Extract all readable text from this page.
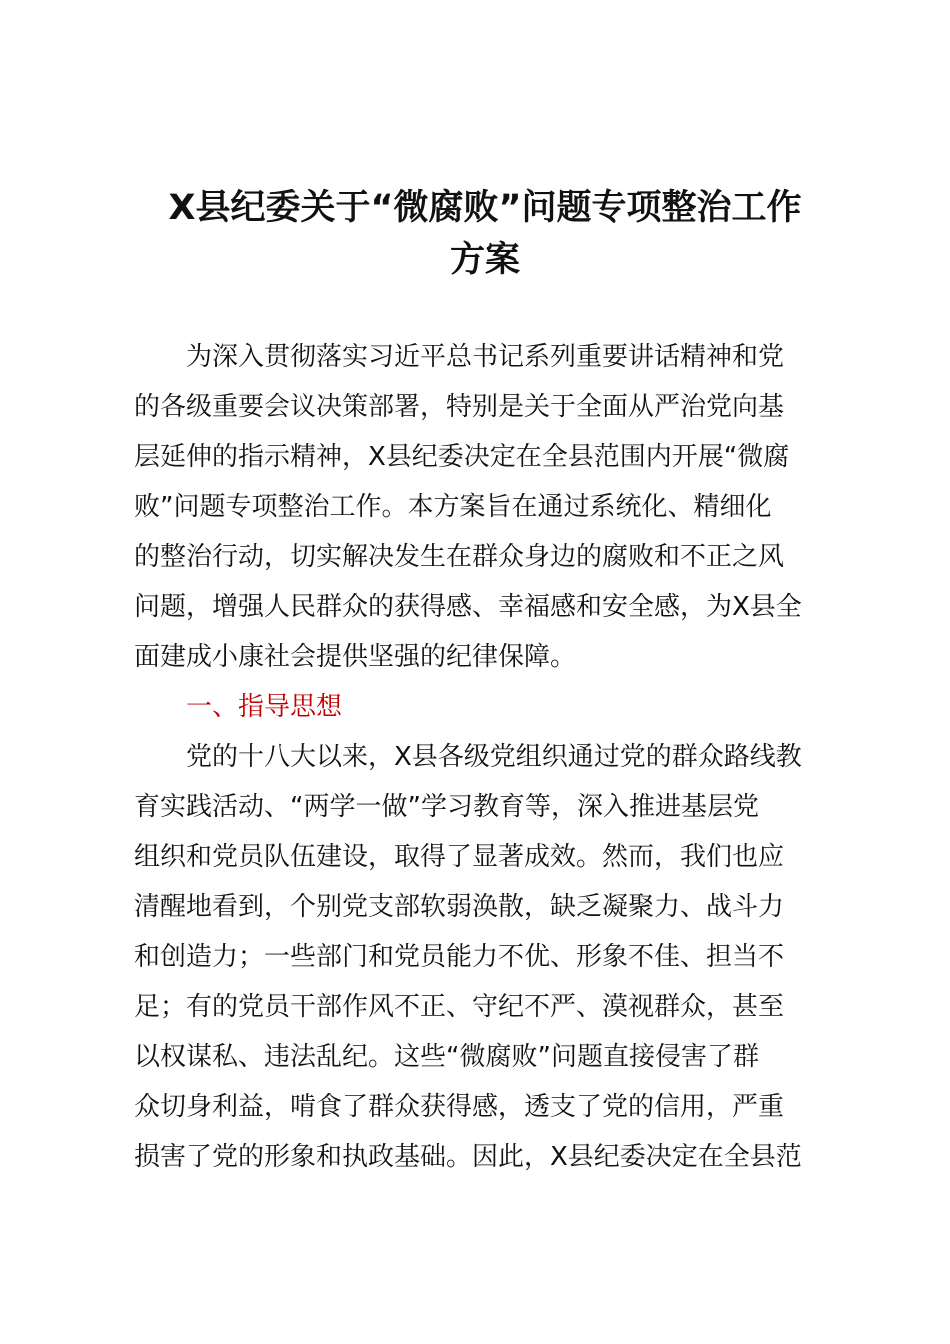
X县纪委关于“微腐败”问题专项整治工作
方案
为深入贯彻落实习近平总书记系列重要讲话精神和党
的各级重要会议决策部署，特别是关于全面从严治党向基
层延伸的指示精神，X县纪委决定在全县范围内开展“微腐
败”问题专项整治工作。本方案旨在通过系统化、精细化
的整治行动，切实解决发生在群众身边的腐败和不正之风
问题，增强人民群众的获得感、幸福感和安全感，为X县全
面建成小康社会提供坚强的纪律保障。
一、指导思想
党的十八大以来，X县各级党组织通过党的群众路线教
育实践活动、“两学一做”学习教育等，深入推进基层党
组织和党员队伍建设，取得了显著成效。然而，我们也应
清醒地看到，个别党支部软弱涣散，缺乏凝聚力、战斗力
和创造力；一些部门和党员能力不优、形象不佳、担当不
足；有的党员干部作风不正、守纪不严、漠视群众，甚至
以权谋私、违法乱纪。这些“微腐败”问题直接侵害了群
众切身利益，啃食了群众获得感，透支了党的信用，严重
损害了党的形象和执政基础。因此，X县纪委决定在全县范
